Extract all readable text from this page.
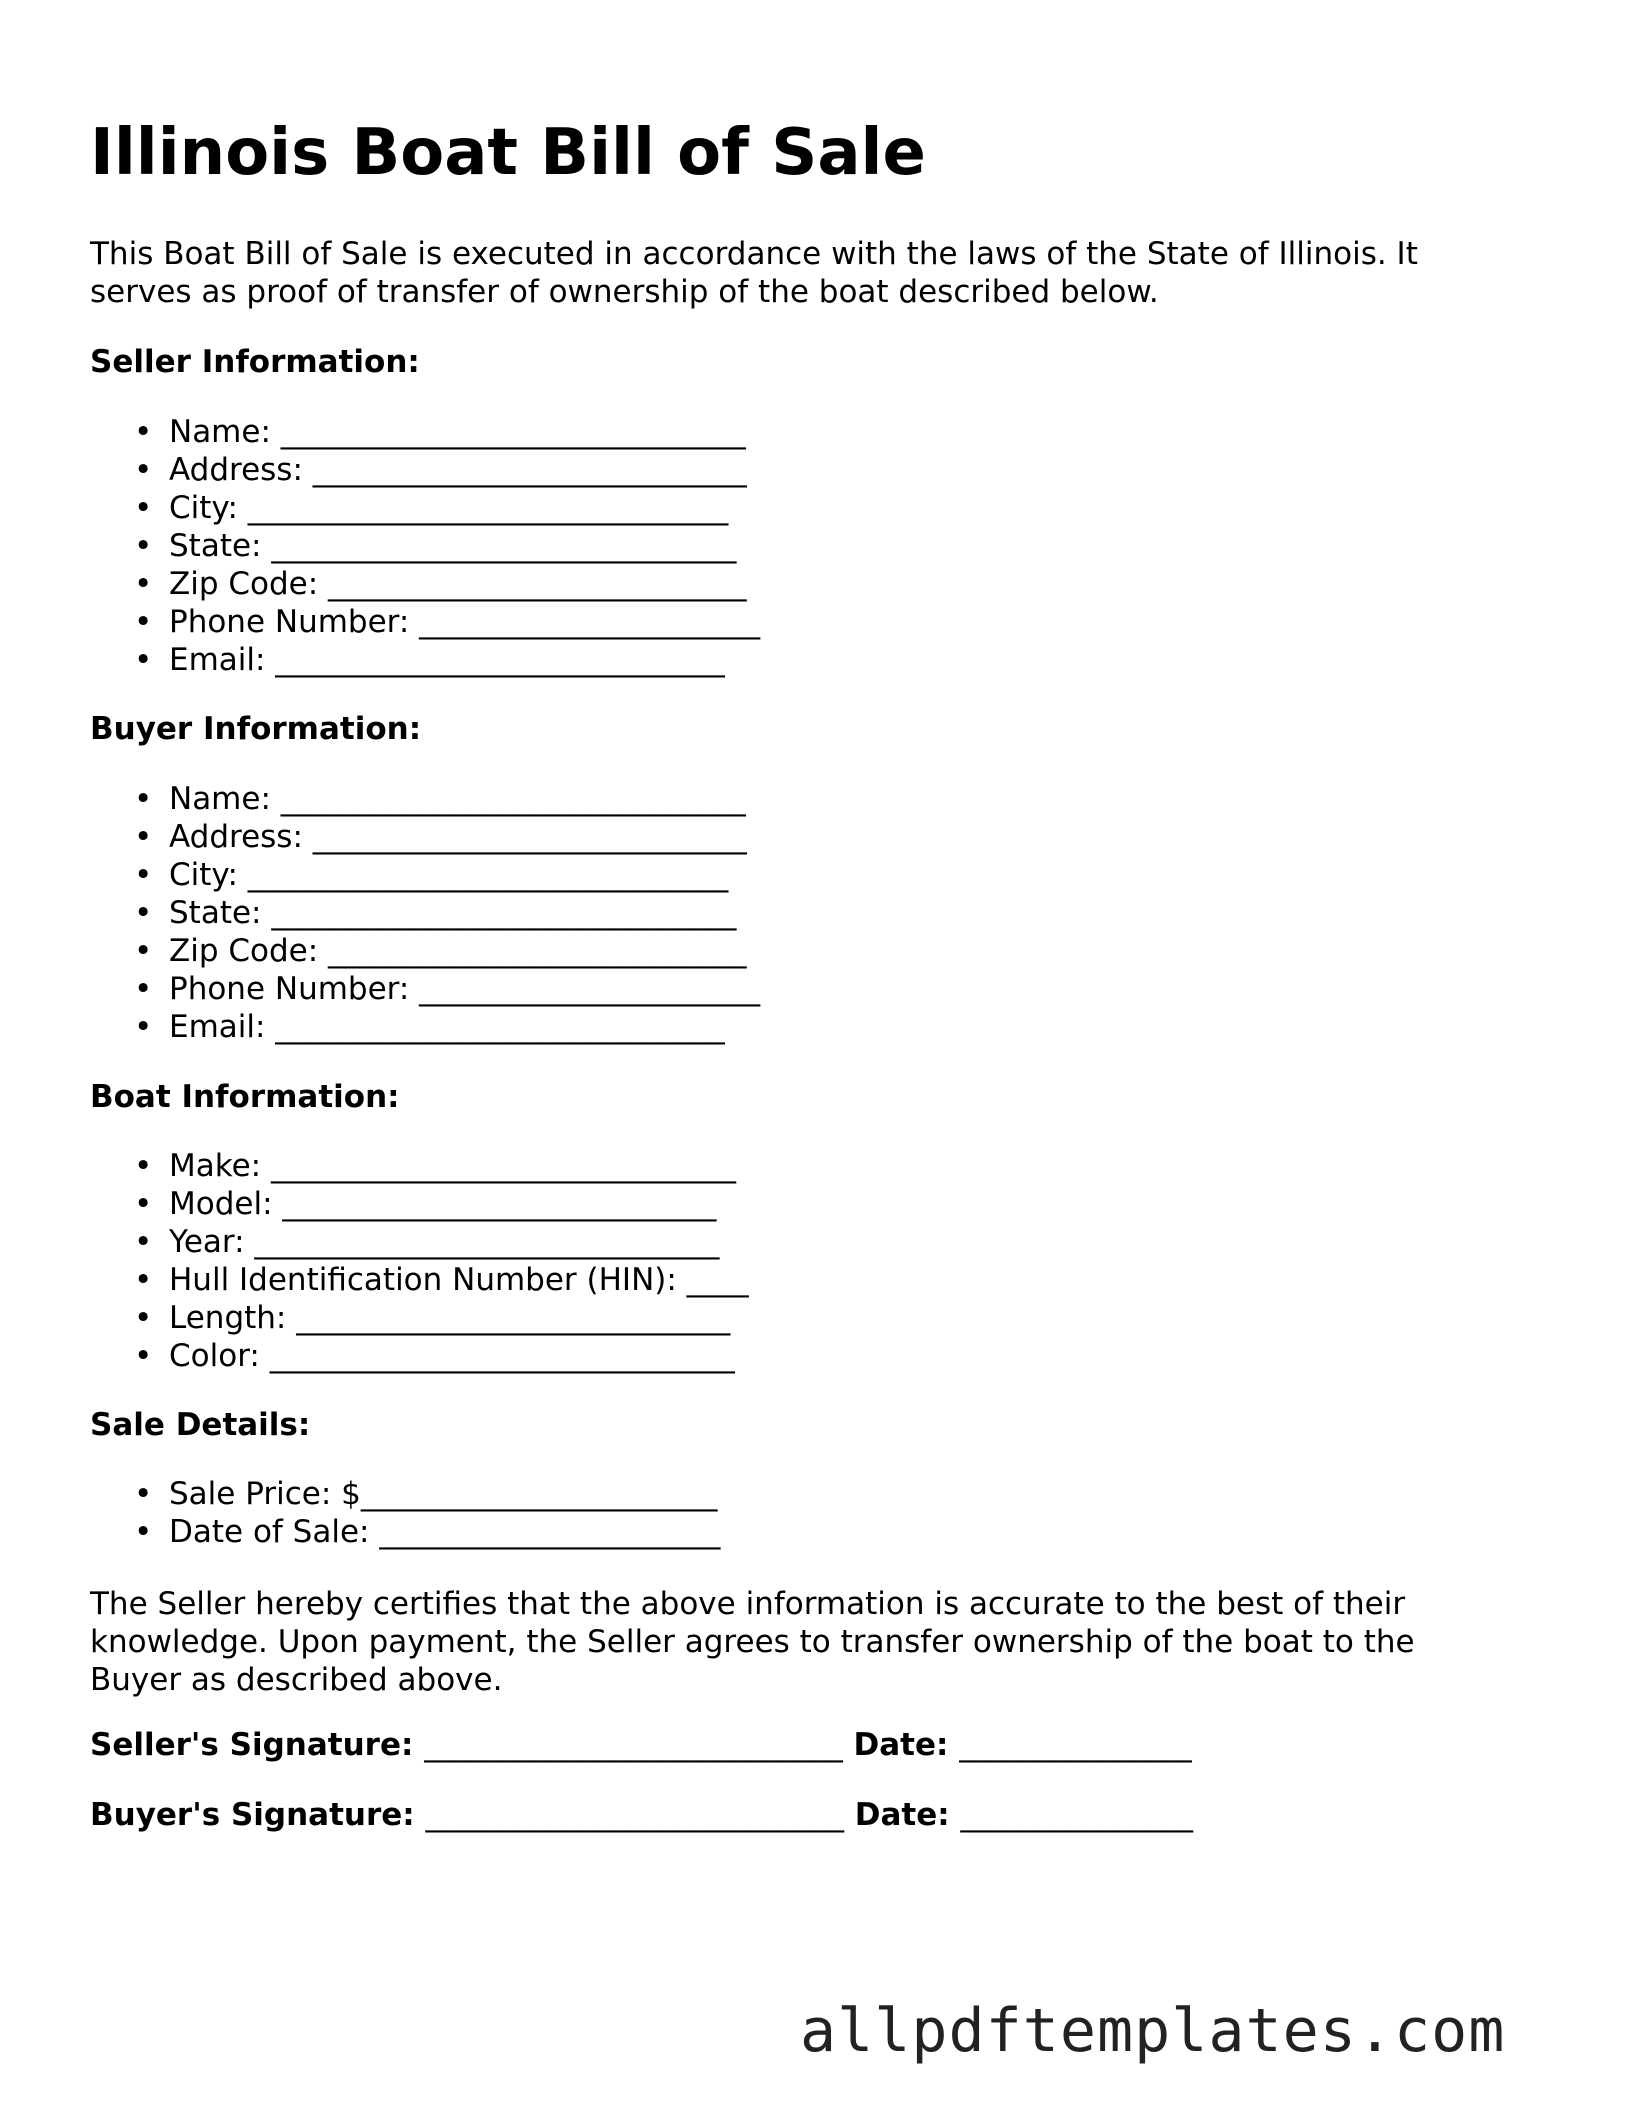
Illinois Boat Bill of Sale

This Boat Bill of Sale is executed in accordance with the laws of the State of Illinois. It serves as proof of transfer of ownership of the boat described below.

Seller Information:

• Name: ______________________________
• Address: ____________________________
• City: _______________________________
• State: ______________________________
• Zip Code: ___________________________
• Phone Number: ______________________
• Email: _____________________________

Buyer Information:

• Name: ______________________________
• Address: ____________________________
• City: _______________________________
• State: ______________________________
• Zip Code: ___________________________
• Phone Number: ______________________
• Email: _____________________________

Boat Information:

• Make: ______________________________
• Model: ____________________________
• Year: ______________________________
• Hull Identification Number (HIN): ____
• Length: ____________________________
• Color: ______________________________

Sale Details:

• Sale Price: $_______________________
• Date of Sale: ______________________

The Seller hereby certifies that the above information is accurate to the best of their knowledge. Upon payment, the Seller agrees to transfer ownership of the boat to the Buyer as described above.

Seller's Signature: ___________________________ Date: _______________
Buyer's Signature: ___________________________ Date: _______________
allpdftemplates.com
